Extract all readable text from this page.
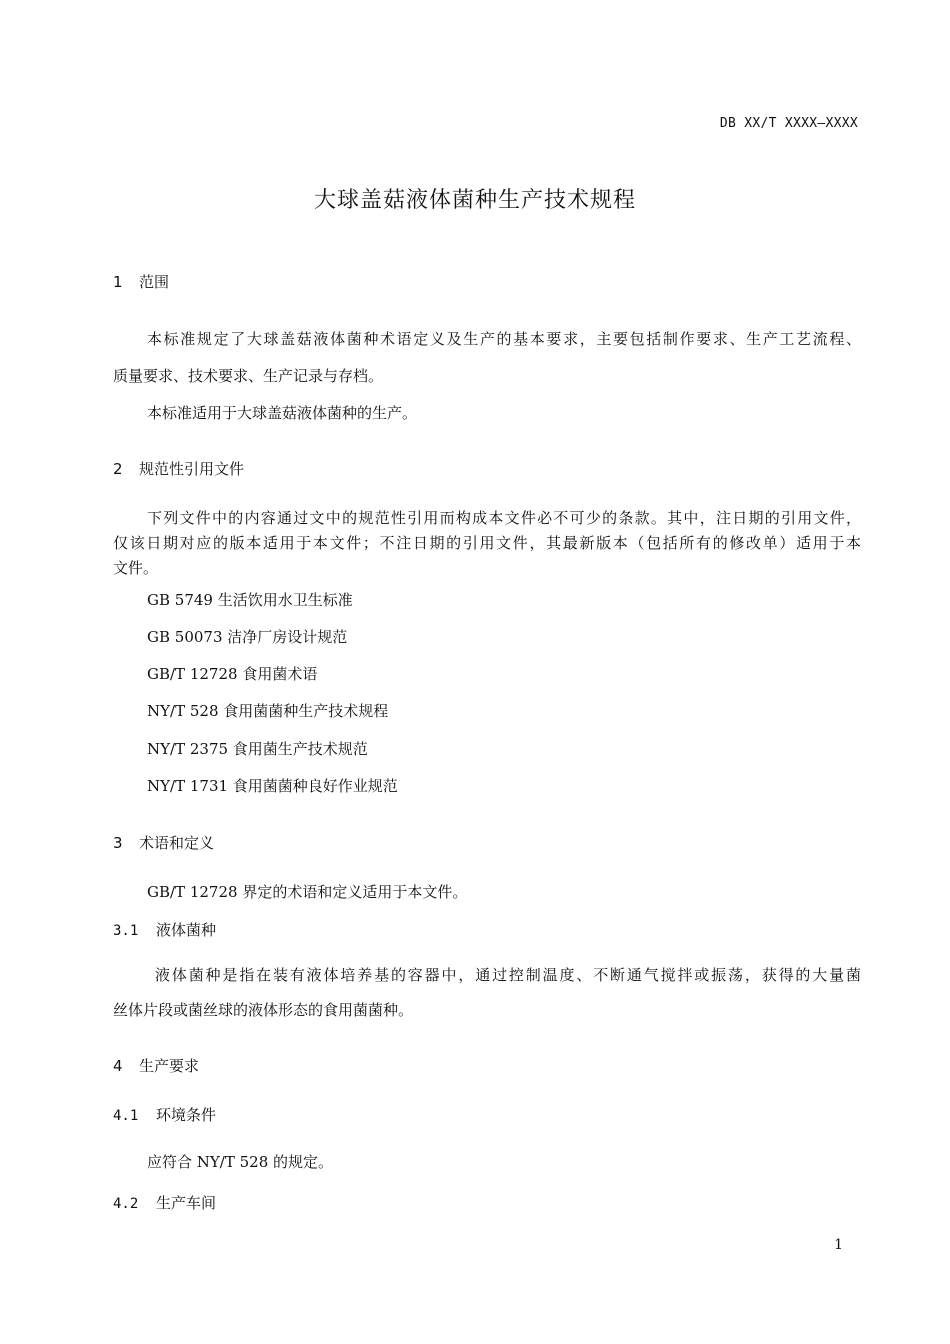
DB XX/T XXXX—XXXX
大球盖菇液体菌种生产技术规程
1 范围
本标准规定了大球盖菇液体菌种术语定义及生产的基本要求，主要包括制作要求、生产工艺流程、
质量要求、技术要求、生产记录与存档。
本标准适用于大球盖菇液体菌种的生产。
2 规范性引用文件
下列文件中的内容通过文中的规范性引用而构成本文件必不可少的条款。其中，注日期的引用文件，
仅该日期对应的版本适用于本文件；不注日期的引用文件，其最新版本（包括所有的修改单）适用于本
文件。
GB 5749 生活饮用水卫生标准
GB 50073 洁净厂房设计规范
GB/T 12728 食用菌术语
NY/T 528 食用菌菌种生产技术规程
NY/T 2375 食用菌生产技术规范
NY/T 1731 食用菌菌种良好作业规范
3 术语和定义
GB/T 12728 界定的术语和定义适用于本文件。
3.1 液体菌种
液体菌种是指在装有液体培养基的容器中，通过控制温度、不断通气搅拌或振荡，获得的大量菌
丝体片段或菌丝球的液体形态的食用菌菌种。
4 生产要求
4.1 环境条件
应符合 NY/T 528 的规定。
4.2 生产车间
1
